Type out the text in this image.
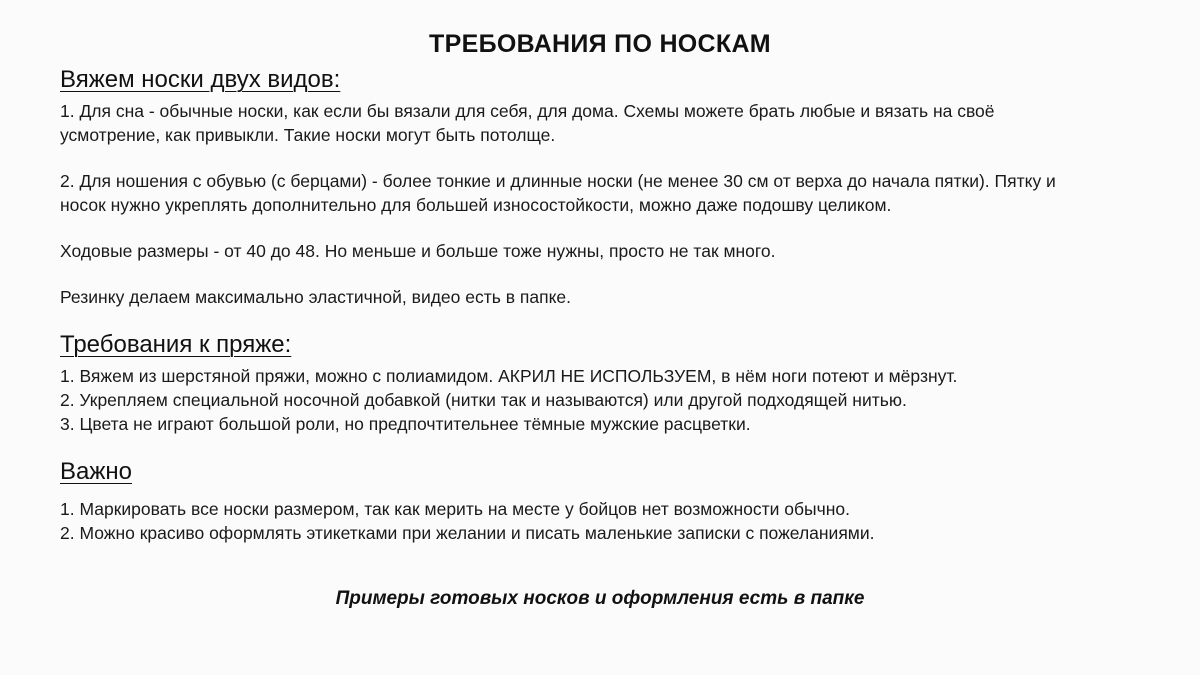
ТРЕБОВАНИЯ ПО НОСКАМ

Вяжем носки двух видов:

1. Для сна - обычные носки, как если бы вязали для себя, для дома. Схемы можете брать любые и вязать на своё
усмотрение, как привыкли. Такие носки могут быть потолще.
2. Для ношения с обувью (с берцами) - более тонкие и длинные носки (не менее 30 см от верха до начала пятки). Пятку и
носок нужно укреплять дополнительно для большей износостойкости, можно даже подошву целиком.
Ходовые размеры - от 40 до 48. Но меньше и больше тоже нужны, просто не так много.
Резинку делаем максимально эластичной, видео есть в папке.

Требования к пряже:

1. Вяжем из шерстяной пряжи, можно с полиамидом. АКРИЛ НЕ ИСПОЛЬЗУЕМ, в нём ноги потеют и мёрзнут.
2. Укрепляем специальной носочной добавкой (нитки так и называются) или другой подходящей нитью.
3. Цвета не играют большой роли, но предпочтительнее тёмные мужские расцветки.

Важно

1. Маркировать все носки размером, так как мерить на месте у бойцов нет возможности обычно.
2. Можно красиво оформлять этикетками при желании и писать маленькие записки с пожеланиями.
Примеры готовых носков и оформления есть в папке
